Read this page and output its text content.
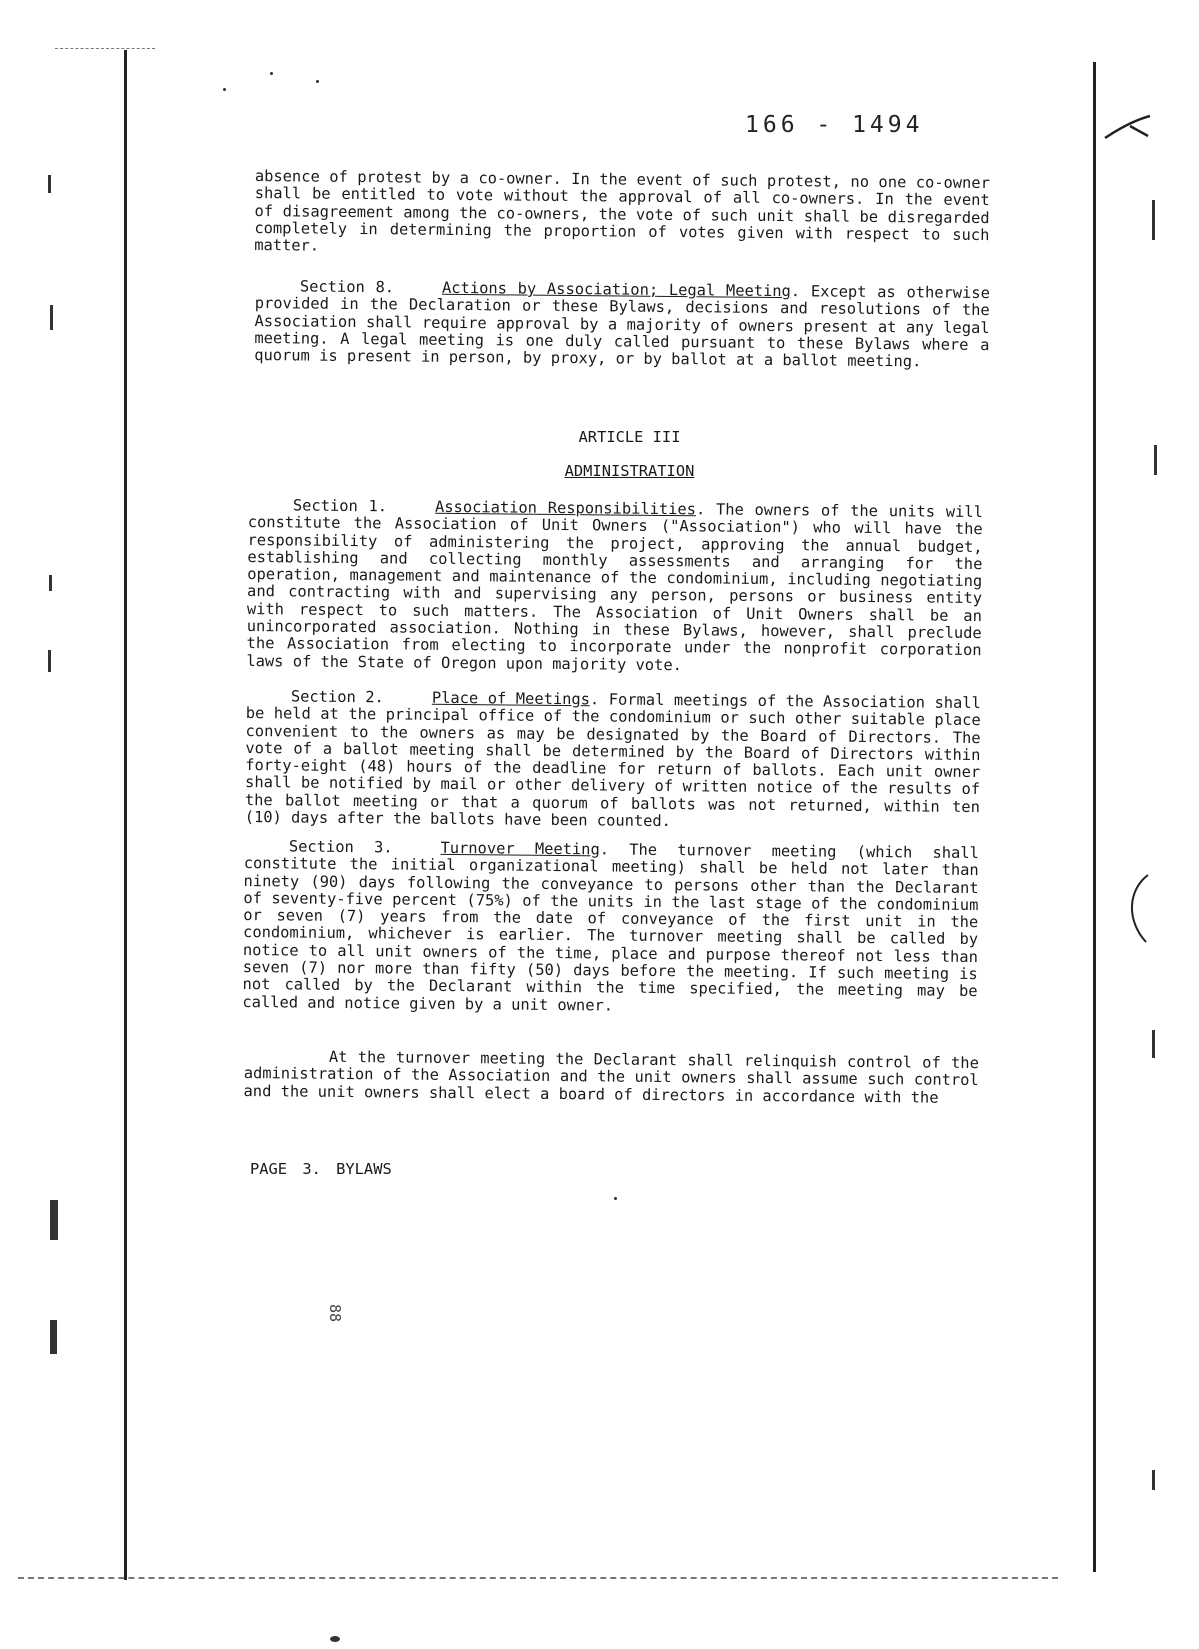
166 - 1494

absence of protest by a co-owner. In the event of such protest, no one co-owner shall be entitled to vote without the approval of all co-owners. In the event of disagreement among the co-owners, the vote of such unit shall be disregarded completely in determining the proportion of votes given with respect to such matter.

Section 8.	Actions by Association; Legal Meeting. Except as otherwise provided in the Declaration or these Bylaws, decisions and resolutions of the Association shall require approval by a majority of owners present at any legal meeting. A legal meeting is one duly called pursuant to these Bylaws where a quorum is present in person, by proxy, or by ballot at a ballot meeting.

ARTICLE III
ADMINISTRATION

Section 1.	Association Responsibilities. The owners of the units will constitute the Association of Unit Owners ("Association") who will have the responsibility of administering the project, approving the annual budget, establishing and collecting monthly assessments and arranging for the operation, management and maintenance of the condominium, including negotiating and contracting with and supervising any person, persons or business entity with respect to such matters. The Association of Unit Owners shall be an unincorporated association. Nothing in these Bylaws, however, shall preclude the Association from electing to incorporate under the nonprofit corporation laws of the State of Oregon upon majority vote.

Section 2.	Place of Meetings. Formal meetings of the Association shall be held at the principal office of the condominium or such other suitable place convenient to the owners as may be designated by the Board of Directors. The vote of a ballot meeting shall be determined by the Board of Directors within forty-eight (48) hours of the deadline for return of ballots. Each unit owner shall be notified by mail or other delivery of written notice of the results of the ballot meeting or that a quorum of ballots was not returned, within ten (10) days after the ballots have been counted.

Section 3.	Turnover Meeting. The turnover meeting (which shall constitute the initial organizational meeting) shall be held not later than ninety (90) days following the conveyance to persons other than the Declarant of seventy-five percent (75%) of the units in the last stage of the condominium or seven (7) years from the date of conveyance of the first unit in the condominium, whichever is earlier. The turnover meeting shall be called by notice to all unit owners of the time, place and purpose thereof not less than seven (7) nor more than fifty (50) days before the meeting. If such meeting is not called by the Declarant within the time specified, the meeting may be called and notice given by a unit owner.

At the turnover meeting the Declarant shall relinquish control of the administration of the Association and the unit owners shall assume such control and the unit owners shall elect a board of directors in accordance with the

PAGE 3. BYLAWS
88
